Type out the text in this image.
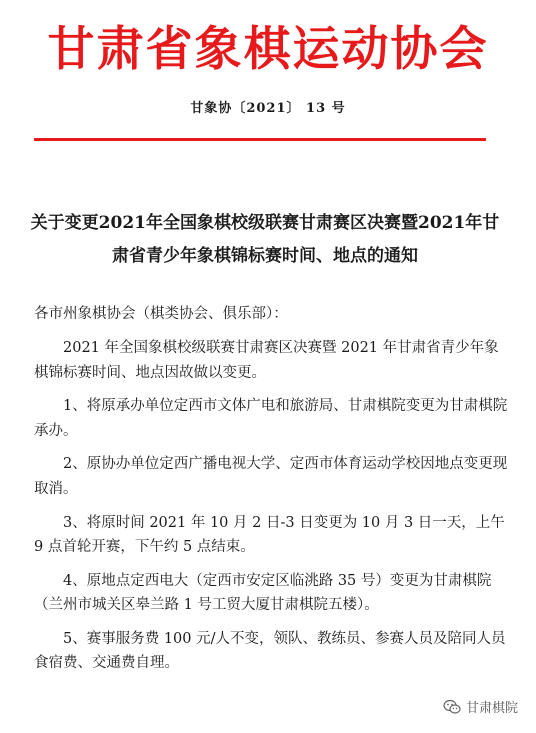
甘肃省象棋运动协会
甘象协〔2021〕 13 号
关于变更2021年全国象棋校级联赛甘肃赛区决赛暨2021年甘肃省青少年象棋锦标赛时间、地点的通知

各市州象棋协会（棋类协会、俱乐部）：

2021 年全国象棋校级联赛甘肃赛区决赛暨 2021 年甘肃省青少年象棋锦标赛时间、地点因故做以变更。

1、将原承办单位定西市文体广电和旅游局、甘肃棋院变更为甘肃棋院承办。

2、原协办单位定西广播电视大学、定西市体育运动学校因地点变更现取消。

3、将原时间 2021 年 10 月 2 日-3 日变更为 10 月 3 日一天，上午 9 点首轮开赛，下午约 5 点结束。

4、原地点定西电大（定西市安定区临洮路 35 号）变更为甘肃棋院（兰州市城关区皋兰路 1 号工贸大厦甘肃棋院五楼）。

5、赛事服务费 100 元/人不变，领队、教练员、参赛人员及陪同人员食宿费、交通费自理。

甘肃棋院
